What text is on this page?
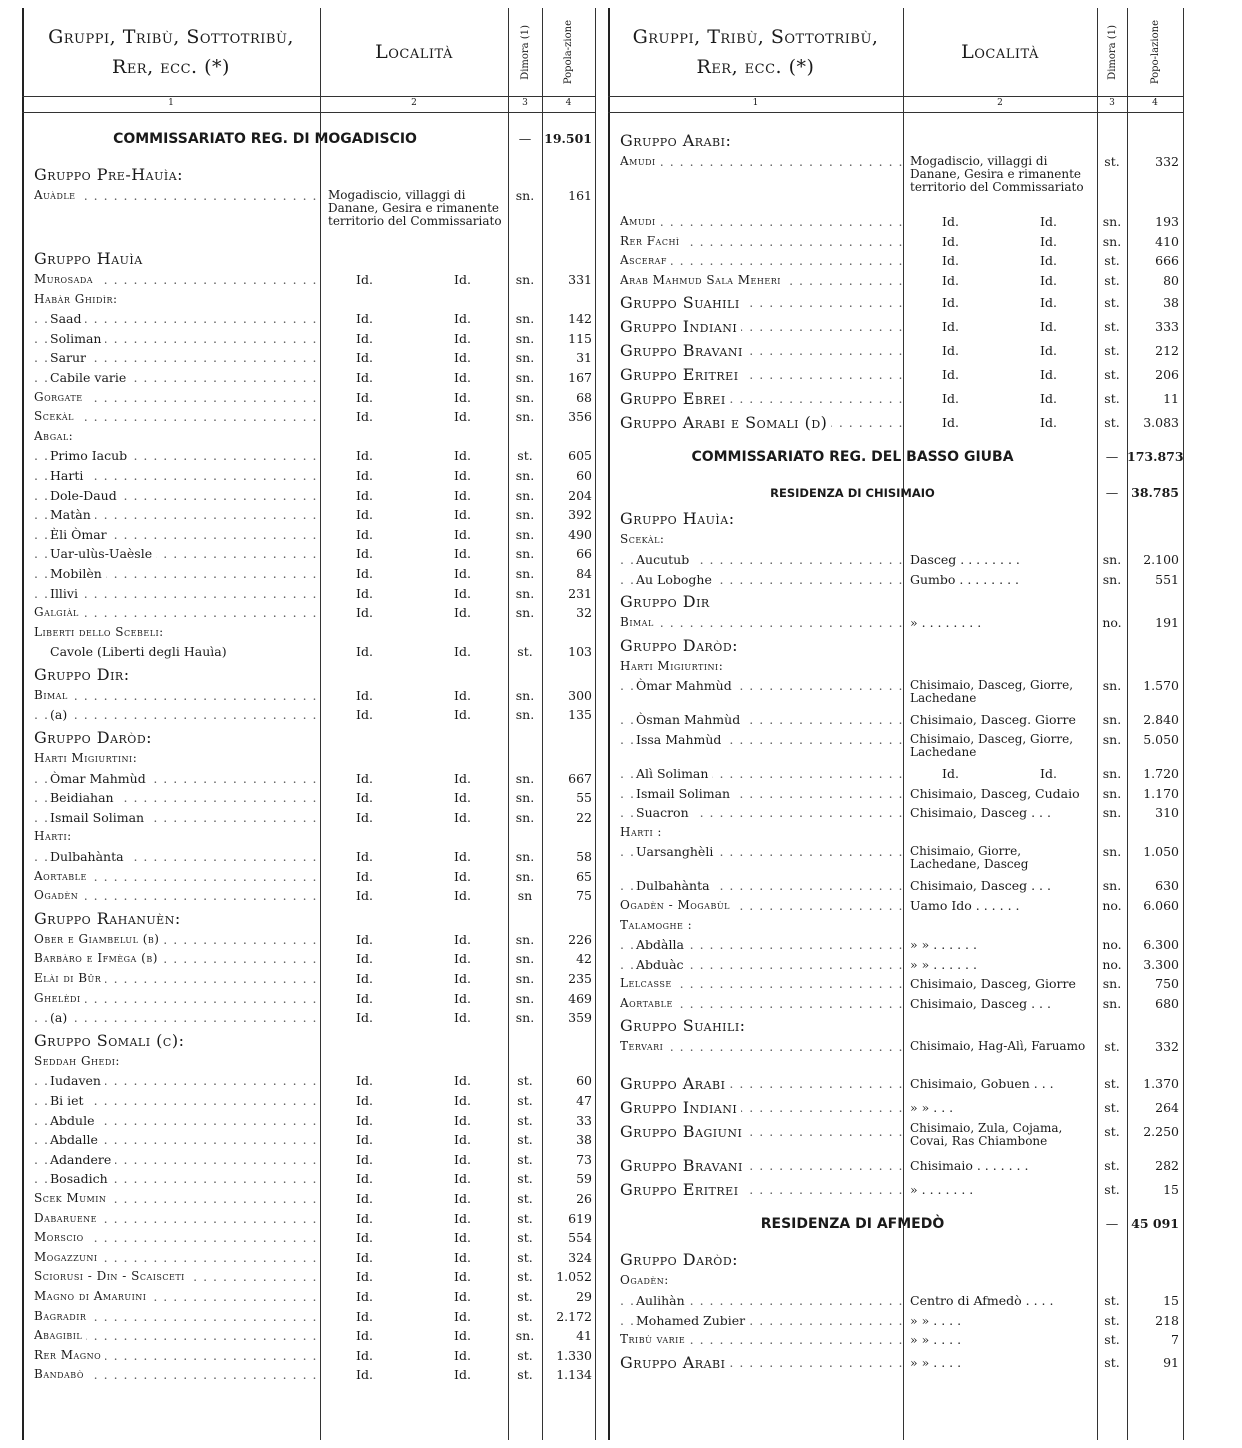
Gruppi, Tribù, Sottotribù,
Rer, ecc. (*)
Località	Dimora (1)	Popola-zione
1	2	3	4
COMMISSARIATO REG. DI MOGADISCIO	—	19.501
Gruppo Pre-Hauìa:
Auàdle . . .	Mogadiscio, villaggi di Danane, Gesira e rimanente territorio del Commissariato
sn.	161
Gruppo Hauìa
Murosada . . .	Id.	Id.	sn.	331
Habàr Ghidìr:
Saad . . .	Id.	Id.	sn.	142
Soliman . . .	Id.	Id.	sn.	115
Sarur . . .	Id.	Id.	sn.	31
Cabile varie . . .	Id.	Id.	sn.	167
Gorgate . . .	Id.	Id.	sn.	68
Scekàl . . .	Id.	Id.	sn.	356
Abgal:
Primo Iacub . . .	Id.	Id.	st.	605
Harti . . .	Id.	Id.	sn.	60
Dole-Daud . . .	Id.	Id.	sn.	204
Matàn . . .	Id.	Id.	sn.	392
Èli Òmar . . .	Id.	Id.	sn.	490
Uar-ulùs-Uaèsle . . .	Id.	Id.	sn.	66
Mobilèn . . .	Id.	Id.	sn.	84
Illivi . . .	Id.	Id.	sn.	231
Galgiàl . . .	Id.	Id.	sn.	32
Liberti dello Scebeli:
Cavole (Liberti degli Hauìa)	Id.	Id.	st.	103
Gruppo Dir:
Bimal . . .	Id.	Id.	sn.	300
(a) . . .	Id.	Id.	sn.	135
Gruppo Daròd:
Harti Migiurtini:
Òmar Mahmùd . . .	Id.	Id.	sn.	667
Beidiahan . . .	Id.	Id.	sn.	55
Ismail Soliman . . .	Id.	Id.	sn.	22
Harti:
Dulbahànta . . .	Id.	Id.	sn.	58
Aortable . . .	Id.	Id.	sn.	65
Ogadèn . . .	Id.	Id.	sn	75
Gruppo Rahanuèn:
Ober e Giambelul (b) . . .	Id.	Id.	sn.	226
Barbàro e Ifmèga (b) . . .	Id.	Id.	sn.	42
Elài di Bûr . . .	Id.	Id.	sn.	235
Ghelèdi . . .	Id.	Id.	sn.	469
(a) . . .	Id.	Id.	sn.	359
Gruppo Somali (c):
Seddah Ghedi:
Iudaven . . .	Id.	Id.	st.	60
Bi iet . . .	Id.	Id.	st.	47
Abdule . . .	Id.	Id.	st.	33
Abdalle . . .	Id.	Id.	st.	38
Adandere . . .	Id.	Id.	st.	73
Bosadich . . .	Id.	Id.	st.	59
Scek Mumin . . .	Id.	Id.	st.	26
Dabaruene . . .	Id.	Id.	st.	619
Morscio . . .	Id.	Id.	st.	554
Mogazzuni . . .	Id.	Id.	st.	324
Sciorusi - Din - Scaisceti . . .	Id.	Id.	st.	1.052
Magno di Amaruini . . .	Id.	Id.	st.	29
Bagradir . . .	Id.	Id.	st.	2.172
Abagibil . . .	Id.	Id.	sn.	41
Rer Magno . . .	Id.	Id.	st.	1.330
Bandabò . . .	Id.	Id.	st.	1.134
Gruppi, Tribù, Sottotribù,
Rer, ecc. (*)
Località	Dimora (1)	Popo-lazione
1	2	3	4
Gruppo Arabi:
Amudi . . .	Mogadiscio, villaggi di Danane, Gesira e rimanente territorio del Commissariato
st.	332
Amudi . . .	Id.	Id.	sn.	193
Rer Fachì . . .	Id.	Id.	sn.	410
Asceraf . . .	Id.	Id.	st.	666
Arab Mahmud Sala Meheri . . .	Id.	Id.	st.	80
Gruppo Suahili . . .	Id.	Id.	st.	38
Gruppo Indiani . . .	Id.	Id.	st.	333
Gruppo Bravani . . .	Id.	Id.	st.	212
Gruppo Eritrei . . .	Id.	Id.	st.	206
Gruppo Ebrei . . .	Id.	Id.	st.	11
Gruppo Arabi e Somali (d) . . .	Id.	Id.	st.	3.083
COMMISSARIATO REG. DEL BASSO GIUBA	— 173.873
RESIDENZA DI CHISIMAIO	—	38.785
Gruppo Hauìa:
Scekàl:
Aucutub . . .	Dasceg . . . . . . . .	sn.	2.100
Au Loboghe . . .	Gumbo . . . . . . . .	sn.	551
Gruppo Dir
Bimal . . .	» . . . . . . . .	no.	191
Gruppo Daròd:
Harti Migiurtini:
Òmar Mahmùd . . .	Chisimaio, Dasceg, Giorre, Lachedane
sn.	1.570
Òsman Mahmùd . . .	Chisimaio, Dasceg. Giorre	sn.	2.840
Issa Mahmùd . . .	Chisimaio, Dasceg, Giorre, Lachedane
sn.	5.050
Alì Soliman . . .	Id.	Id.	sn.	1.720
Ismail Soliman . . .	Chisimaio, Dasceg, Cudaio	sn.	1.170
Suacron . . .	Chisimaio, Dasceg . . .	sn.	310
Harti :
Uarsanghèli . . .	Chisimaio, Giorre, Lachedane, Dasceg
sn.	1.050
Dulbahànta . . .	Chisimaio, Dasceg . . .	sn.	630
Ogadèn - Mogabùl . . .	Uamo Ido . . . . . .	no.	6.060
Talamoghe :
Abdàlla . . .	» » . . . . . .	no.	6.300
Abduàc . . .	» » . . . . . .	no.	3.300
Lelcasse . . .	Chisimaio, Dasceg, Giorre	sn.	750
Aortable . . .	Chisimaio, Dasceg . . .	sn.	680
Gruppo Suahili:
Tervari . . .	Chisimaio, Hag-Alì, Faruamo	st.	332
Gruppo Arabi . . .	Chisimaio, Gobuen . . .	st.	1.370
Gruppo Indiani . . .	» » . . .	st.	264
Gruppo Bagiuni . . .	Chisimaio, Zula, Cojama, Covai, Ras Chiambone
st.	2.250
Gruppo Bravani . . .	Chisimaio . . . . . . .	st.	282
Gruppo Eritrei . . .	» . . . . . . .	st.	15
RESIDENZA DI AFMEDÒ	—	45 091
Gruppo Daròd:
Ogadèn:
Aulihàn . . .	Centro di Afmedò . . . .	st.	15
Mohamed Zubier . . .	» » . . . .	st.	218
Tribù varie . . .	» » . . . .	st.	7
Gruppo Arabi . . .	» » . . . .	st.	91
